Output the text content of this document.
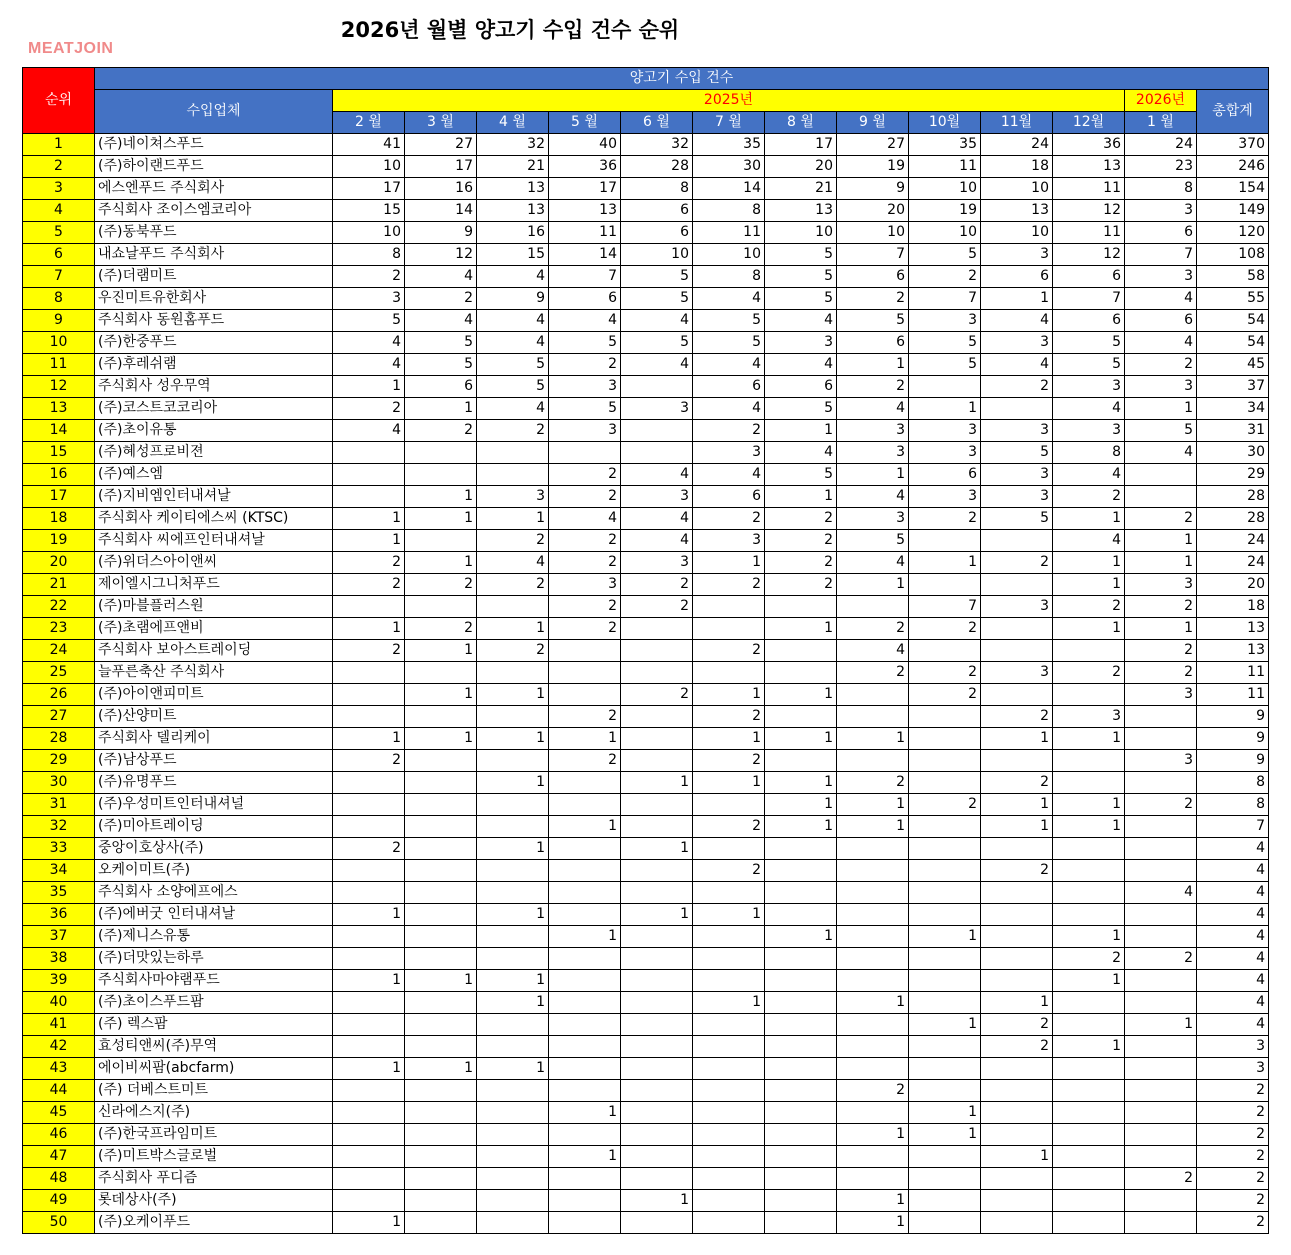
2026년 월별 양고기 수입 건수 순위
MEATJOIN
순위	양고기 수입 건수													
	수입업체	2025년											2026년	총합계
		2 월	3 월	4 월	5 월	6 월	7 월	8 월	9 월	10월	11월	12월	1 월	
1	(주)네이쳐스푸드	41	27	32	40	32	35	17	27	35	24	36	24	370
2	(주)하이랜드푸드	10	17	21	36	28	30	20	19	11	18	13	23	246
3	에스엔푸드 주식회사	17	16	13	17	8	14	21	9	10	10	11	8	154
4	주식회사 조이스엠코리아	15	14	13	13	6	8	13	20	19	13	12	3	149
5	(주)동북푸드	10	9	16	11	6	11	10	10	10	10	11	6	120
6	내쇼날푸드 주식회사	8	12	15	14	10	10	5	7	5	3	12	7	108
7	(주)더램미트	2	4	4	7	5	8	5	6	2	6	6	3	58
8	우진미트유한회사	3	2	9	6	5	4	5	2	7	1	7	4	55
9	주식회사 동원홈푸드	5	4	4	4	4	5	4	5	3	4	6	6	54
10	(주)한중푸드	4	5	4	5	5	5	3	6	5	3	5	4	54
11	(주)후레쉬램	4	5	5	2	4	4	4	1	5	4	5	2	45
12	주식회사 성우무역	1	6	5	3		6	6	2		2	3	3	37
13	(주)코스트코코리아	2	1	4	5	3	4	5	4	1		4	1	34
14	(주)초이유통	4	2	2	3		2	1	3	3	3	3	5	31
15	(주)혜성프로비젼						3	4	3	3	5	8	4	30
16	(주)예스엠				2	4	4	5	1	6	3	4		29
17	(주)지비엠인터내셔날		1	3	2	3	6	1	4	3	3	2		28
18	주식회사 케이티에스씨 (KTSC)	1	1	1	4	4	2	2	3	2	5	1	2	28
19	주식회사 씨에프인터내셔날	1		2	2	4	3	2	5			4	1	24
20	(주)위더스아이앤씨	2	1	4	2	3	1	2	4	1	2	1	1	24
21	제이엘시그니처푸드	2	2	2	3	2	2	2	1			1	3	20
22	(주)마블플러스원				2	2				7	3	2	2	18
23	(주)초램에프앤비	1	2	1	2			1	2	2		1	1	13
24	주식회사 보아스트레이딩	2	1	2			2		4				2	13
25	늘푸른축산 주식회사								2	2	3	2	2	11
26	(주)아이앤피미트		1	1		2	1	1		2			3	11
27	(주)산양미트				2		2				2	3		9
28	주식회사 델리케이	1	1	1	1		1	1	1		1	1		9
29	(주)남상푸드	2			2		2						3	9
30	(주)유명푸드			1		1	1	1	2		2			8
31	(주)우성미트인터내셔널							1	1	2	1	1	2	8
32	(주)미아트레이딩				1		2	1	1		1	1		7
33	중앙이호상사(주)	2		1		1								4
34	오케이미트(주)						2				2			4
35	주식회사 소양에프에스												4	4
36	(주)에버굿 인터내셔날	1		1		1	1							4
37	(주)제니스유통				1			1		1		1		4
38	(주)더맛있는하루											2	2	4
39	주식회사마야램푸드	1	1	1								1		4
40	(주)초이스푸드팜			1			1		1		1			4
41	(주) 렉스팜									1	2		1	4
42	효성티앤씨(주)무역										2	1		3
43	에이비씨팜(abcfarm)	1	1	1										3
44	(주) 더베스트미트								2					2
45	신라에스지(주)				1					1				2
46	(주)한국프라임미트								1	1				2
47	(주)미트박스글로벌				1						1			2
48	주식회사 푸디즘												2	2
49	롯데상사(주)					1			1					2
50	(주)오케이푸드	1							1					2
